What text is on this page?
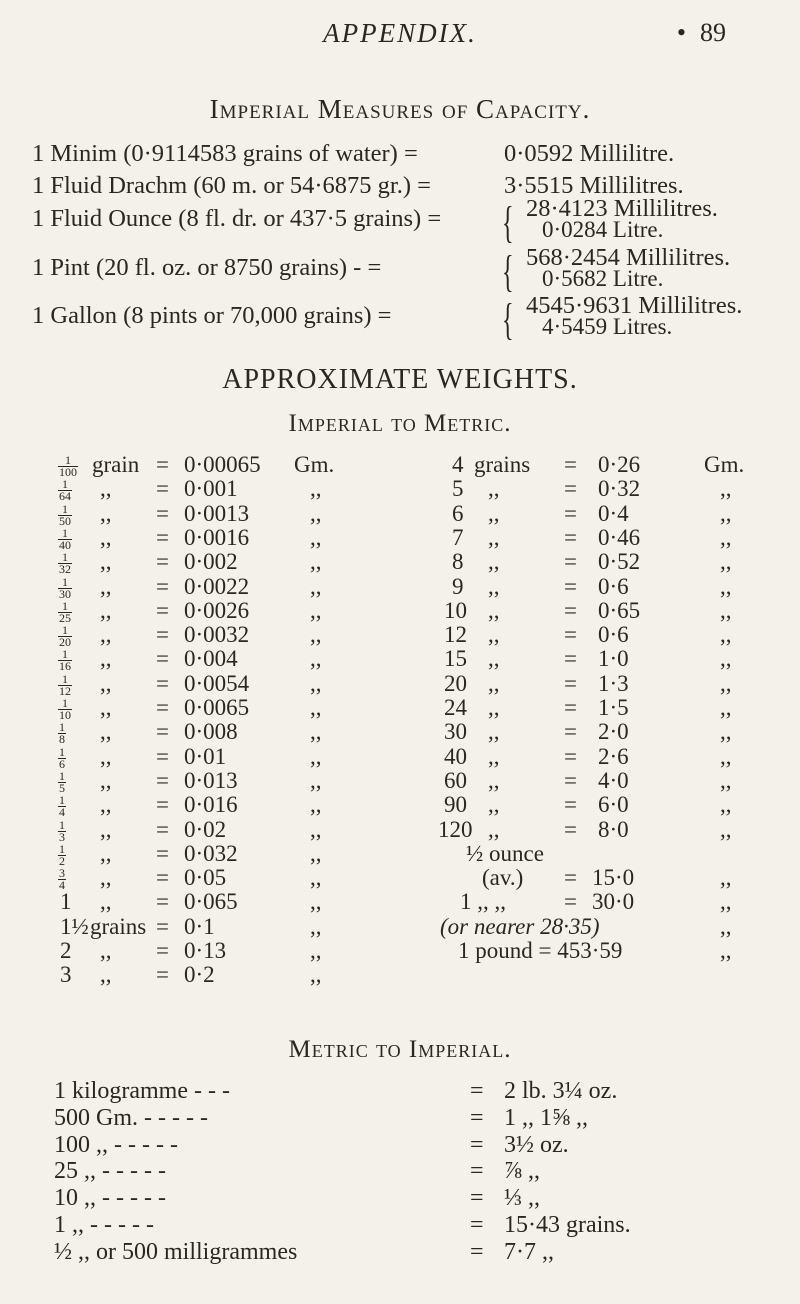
APPENDIX.	• 89
Imperial Measures of Capacity.
1 Minim (0·9114583 grains of water) =	0·0592 Millilitre.
1 Fluid Drachm (60 m. or 54·6875 gr.) =	3·5515 Millilitres.
1 Fluid Ounce (8 fl. dr. or 437·5 grains) = { 28·4123 Millilitres.
0·0284 Litre.
1 Pint (20 fl. oz. or 8750 grains) - =	{ 568·2454 Millilitres.
0·5682 Litre.
1 Gallon (8 pints or 70,000 grains) =	{ 4545·9631 Millilitres.
4·5459 Litres.
APPROXIMATE WEIGHTS.
Imperial to Metric.
$\frac{1}{100}$ grain = 0·00065 Gm.
$\frac{1}{64}$ ,, = 0·001	,,
$\frac{1}{50}$ ,, = 0·0013	,,
$\frac{1}{40}$ ,, = 0·0016	,,
$\frac{1}{32}$ ,, = 0·002	,,
$\frac{1}{30}$ ,, = 0·0022	,,
$\frac{1}{25}$ ,, = 0·0026	,,
$\frac{1}{20}$ ,, = 0·0032	,,
$\frac{1}{16}$ ,, = 0·004	,,
$\frac{1}{12}$ ,, = 0·0054	,,
$\frac{1}{10}$ ,, = 0·0065	,,
$\frac{1}{8}$ ,, = 0·008	,,
$\frac{1}{6}$ ,, = 0·01	,,
$\frac{1}{5}$ ,, = 0·013	,,
$\frac{1}{4}$ ,, = 0·016	,,
$\frac{1}{3}$ ,, = 0·02	,,
$\frac{1}{2}$ ,, = 0·032	,,
$\frac{3}{4}$ ,, = 0·05	,,
1 ,, = 0·065	,,
1½ grains = 0·1	,,
2 ,, = 0·13	,,
3 ,, = 0·2	,,
4 grains = 0·26	Gm.
5 ,,	= 0·32	,,
6 ,,	= 0·4	,,
7 ,,	= 0·46	,,
8 ,,	= 0·52	,,
9 ,,	= 0·6	,,
10 ,,	= 0·65	,,
12 ,,	= 0·6	,,
15 ,,	= 1·0	,,
20 ,,	= 1·3	,,
24 ,,	= 1·5	,,
30 ,,	= 2·0	,,
40 ,,	= 2·6	,,
60 ,,	= 4·0	,,
90 ,,	= 6·0	,,
120 ,,	= 8·0	,,
½ ounce
(av.) = 15·0	,,
1 ,, ,,	= 30·0	,,
(or nearer 28·35)	,,
1 pound = 453·59	,,
Metric to Imperial.
1 kilogramme - - -	= 2 lb. 3¼ oz.
500 Gm. - - - - -	= 1 ,, 1⅝ ,,
100 ,, - - - - -	= 3½ oz.
25 ,, - - - - -	= ⅞ ,,
10 ,, - - - - -	= ⅓ ,,
1 ,, - - - - -	= 15·43 grains.
½ ,, or 500 milligrammes	= 7·7 ,,
